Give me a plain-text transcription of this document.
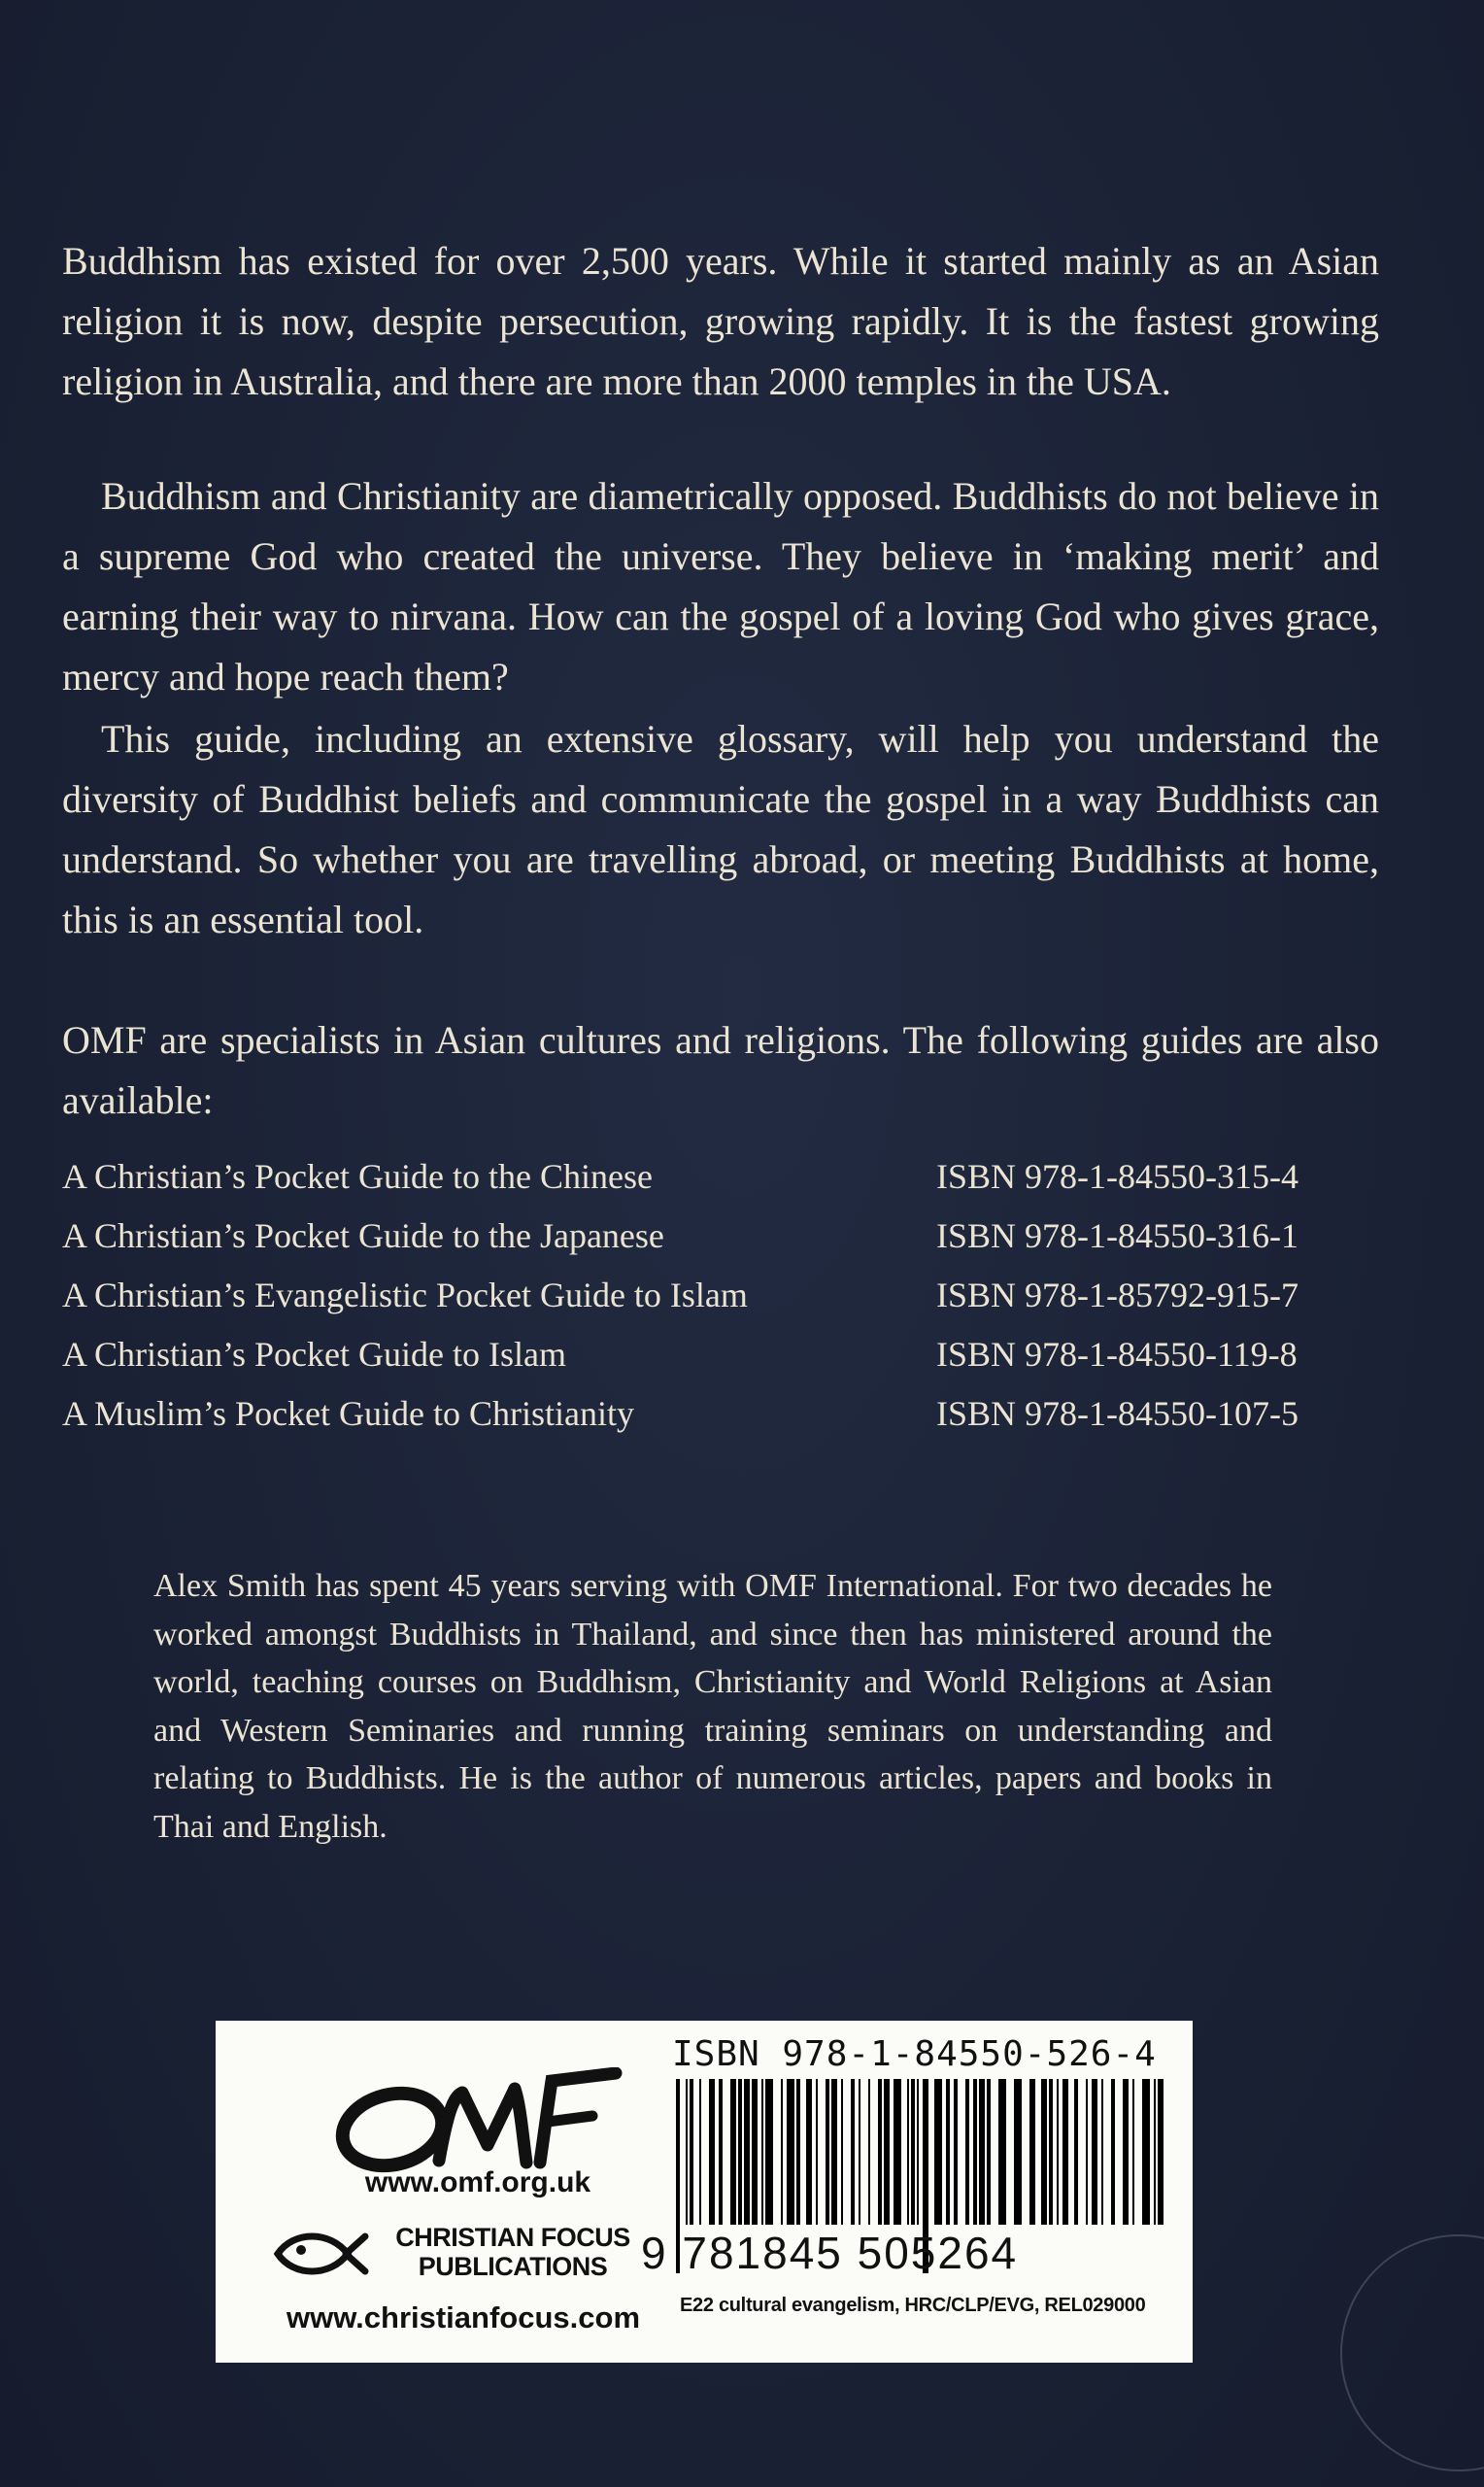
Buddhism has existed for over 2,500 years. While it started mainly as an Asian religion it is now, despite persecution, growing rapidly. It is the fastest growing religion in Australia, and there are more than 2000 temples in the USA.

Buddhism and Christianity are diametrically opposed. Buddhists do not believe in a supreme God who created the universe. They believe in ‘making merit’ and earning their way to nirvana. How can the gospel of a loving God who gives grace, mercy and hope reach them?

This guide, including an extensive glossary, will help you understand the diversity of Buddhist beliefs and communicate the gospel in a way Buddhists can understand. So whether you are travelling abroad, or meeting Buddhists at home, this is an essential tool.

OMF are specialists in Asian cultures and religions. The following guides are also available:

A Christian’s Pocket Guide to the Chinese	ISBN 978-1-84550-315-4
A Christian’s Pocket Guide to the Japanese	ISBN 978-1-84550-316-1
A Christian’s Evangelistic Pocket Guide to Islam	ISBN 978-1-85792-915-7
A Christian’s Pocket Guide to Islam	ISBN 978-1-84550-119-8
A Muslim’s Pocket Guide to Christianity	ISBN 978-1-84550-107-5

Alex Smith has spent 45 years serving with OMF International. For two decades he worked amongst Buddhists in Thailand, and since then has ministered around the world, teaching courses on Buddhism, Christianity and World Religions at Asian and Western Seminaries and running training seminars on understanding and relating to Buddhists. He is the author of numerous articles, papers and books in Thai and English.

www.omf.org.uk
CHRISTIAN FOCUS
PUBLICATIONS
www.christianfocus.com
ISBN 978-1-84550-526-4
9 781845 505264
E22 cultural evangelism, HRC/CLP/EVG, REL029000
